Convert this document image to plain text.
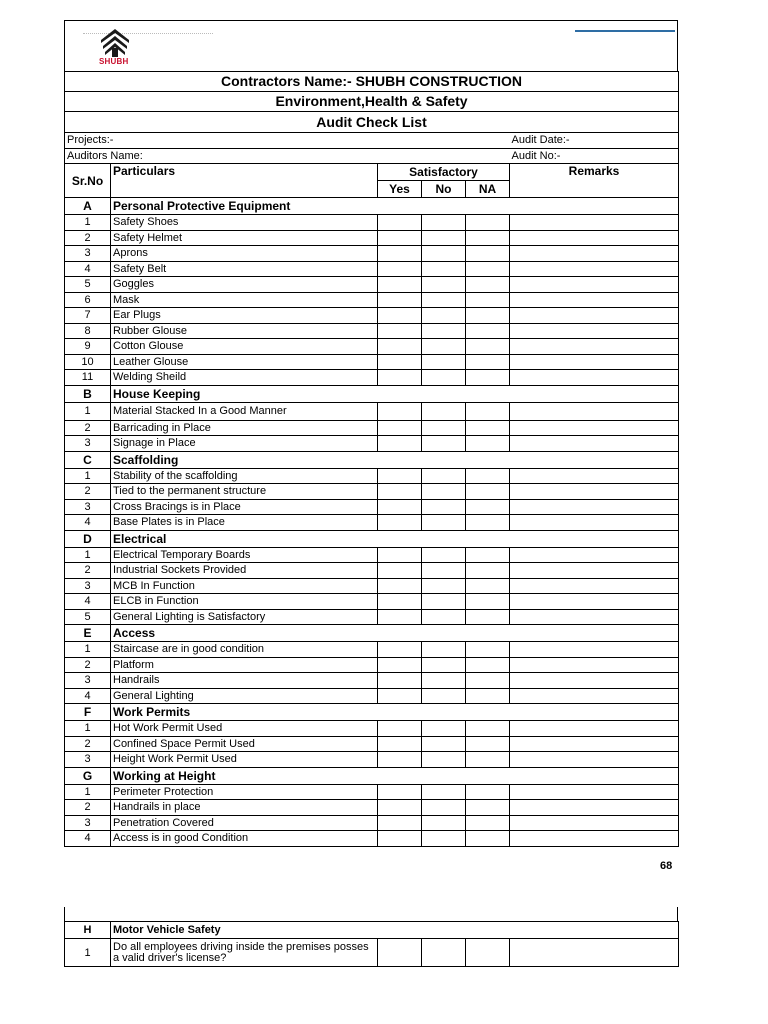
SHUBH
Contractors Name:- SHUBH CONSTRUCTION					
Environment,Health & Safety					
Audit Check List					
Projects:-					Audit Date:-
Auditors Name:					Audit No:-
Sr.No	Particulars	Satisfactory			Remarks
		Yes	No	NA	
A	Personal Protective Equipment				
1	Safety Shoes				
2	Safety Helmet				
3	Aprons				
4	Safety Belt				
5	Goggles				
6	Mask				
7	Ear Plugs				
8	Rubber Glouse				
9	Cotton Glouse				
10	Leather Glouse				
11	Welding Sheild				
B	House Keeping				
1	Material Stacked In a Good Manner				
2	Barricading in Place				
3	Signage in Place				
C	Scaffolding				
1	Stability of the scaffolding				
2	Tied to the permanent structure				
3	Cross Bracings is in Place				
4	Base Plates is in Place				
D	Electrical				
1	Electrical Temporary Boards				
2	Industrial Sockets Provided				
3	MCB In Function				
4	ELCB in Function				
5	General Lighting is Satisfactory				
E	Access				
1	Staircase are in good condition				
2	Platform				
3	Handrails				
4	General Lighting				
F	Work Permits				
1	Hot Work Permit Used				
2	Confined Space Permit Used				
3	Height Work Permit Used				
G	Working at Height				
1	Perimeter Protection				
2	Handrails in place				
3	Penetration Covered				
4	Access is in good Condition				
68
H	Motor Vehicle Safety				
1	Do all employees driving inside the premises posses a valid driver's license?				
